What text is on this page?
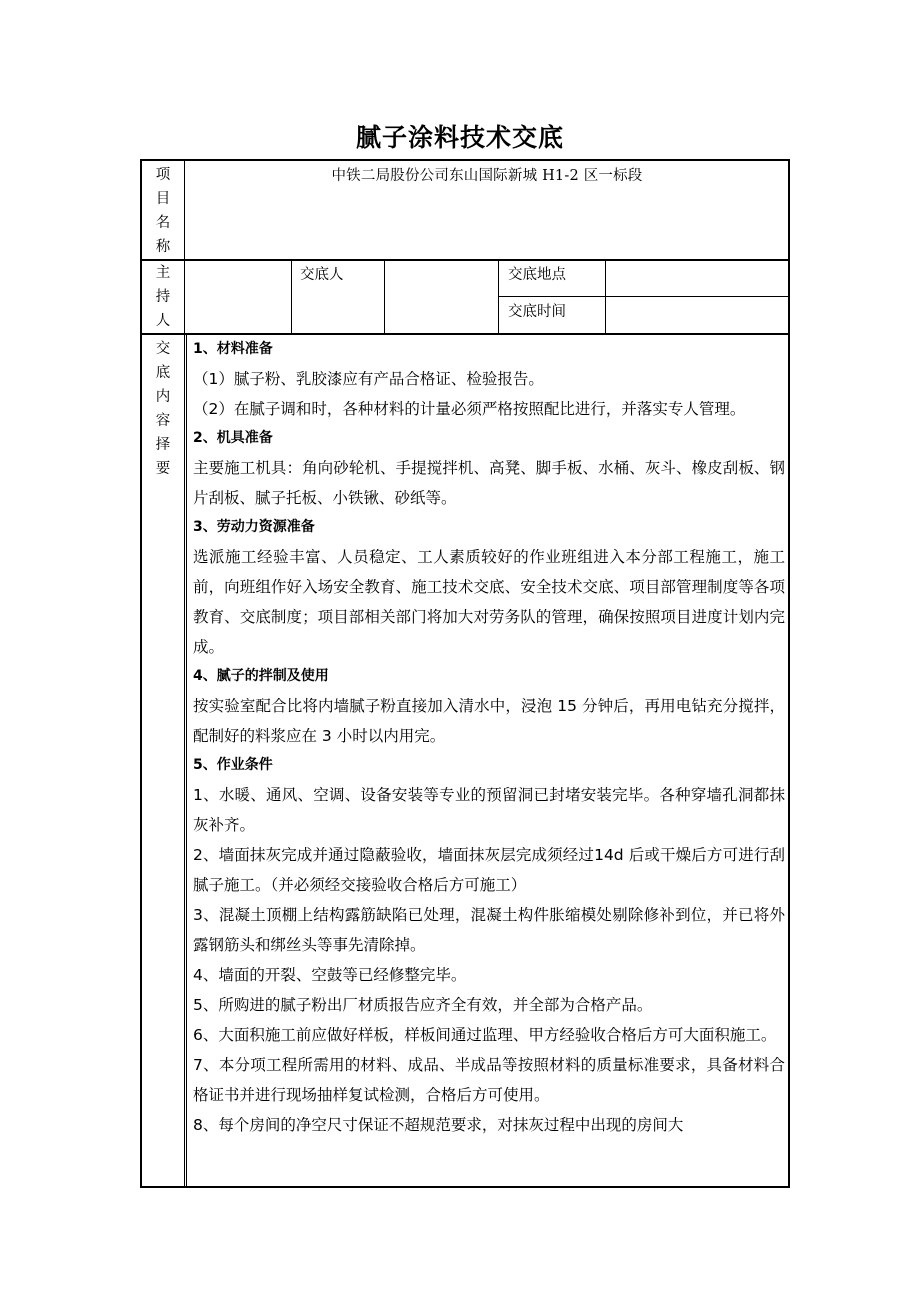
腻子涂料技术交底
项
目
名
称
中铁二局股份公司东山国际新城 H1-2 区一标段
主
持
人
交底人	交底地点
交底时间
交
底
内
容
择
要

1、材料准备

（1）腻子粉、乳胶漆应有产品合格证、检验报告。

（2）在腻子调和时，各种材料的计量必须严格按照配比进行，并落实专人管理。

2、机具准备

主要施工机具：角向砂轮机、手提搅拌机、高凳、脚手板、水桶、灰斗、橡皮刮板、钢片刮板、腻子托板、小铁锹、砂纸等。

3、劳动力资源准备

选派施工经验丰富、人员稳定、工人素质较好的作业班组进入本分部工程施工，施工前，向班组作好入场安全教育、施工技术交底、安全技术交底、项目部管理制度等各项教育、交底制度；项目部相关部门将加大对劳务队的管理，确保按照项目进度计划内完成。

4、腻子的拌制及使用

按实验室配合比将内墙腻子粉直接加入清水中，浸泡 15 分钟后，再用电钻充分搅拌，配制好的料浆应在 3 小时以内用完。

5、作业条件

1、水暖、通风、空调、设备安装等专业的预留洞已封堵安装完毕。各种穿墙孔洞都抹灰补齐。

2、墙面抹灰完成并通过隐蔽验收，墙面抹灰层完成须经过14d 后或干燥后方可进行刮腻子施工。（并必须经交接验收合格后方可施工）

3、混凝土顶棚上结构露筋缺陷已处理，混凝土构件胀缩模处剔除修补到位，并已将外露钢筋头和绑丝头等事先清除掉。

4、墙面的开裂、空鼓等已经修整完毕。

5、所购进的腻子粉出厂材质报告应齐全有效，并全部为合格产品。

6、大面积施工前应做好样板，样板间通过监理、甲方经验收合格后方可大面积施工。

7、本分项工程所需用的材料、成品、半成品等按照材料的质量标准要求，具备材料合格证书并进行现场抽样复试检测，合格后方可使用。

8、每个房间的净空尺寸保证不超规范要求，对抹灰过程中出现的房间大
